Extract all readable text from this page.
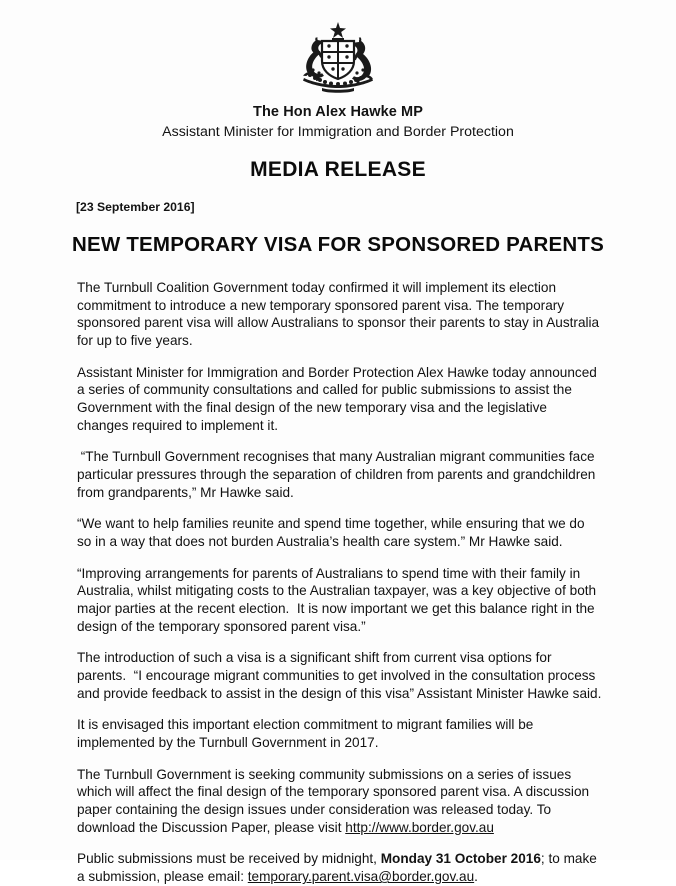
The Hon Alex Hawke MP
Assistant Minister for Immigration and Border Protection
MEDIA RELEASE
[23 September 2016]
NEW TEMPORARY VISA FOR SPONSORED PARENTS

The Turnbull Coalition Government today confirmed it will implement its election commitment to introduce a new temporary sponsored parent visa. The temporary sponsored parent visa will allow Australians to sponsor their parents to stay in Australia for up to five years.

Assistant Minister for Immigration and Border Protection Alex Hawke today announced a series of community consultations and called for public submissions to assist the Government with the final design of the new temporary visa and the legislative changes required to implement it.

“The Turnbull Government recognises that many Australian migrant communities face particular pressures through the separation of children from parents and grandchildren from grandparents,” Mr Hawke said.

“We want to help families reunite and spend time together, while ensuring that we do so in a way that does not burden Australia’s health care system.” Mr Hawke said.

“Improving arrangements for parents of Australians to spend time with their family in Australia, whilst mitigating costs to the Australian taxpayer, was a key objective of both major parties at the recent election.  It is now important we get this balance right in the design of the temporary sponsored parent visa.”

The introduction of such a visa is a significant shift from current visa options for parents.  “I encourage migrant communities to get involved in the consultation process and provide feedback to assist in the design of this visa” Assistant Minister Hawke said.

It is envisaged this important election commitment to migrant families will be implemented by the Turnbull Government in 2017.

The Turnbull Government is seeking community submissions on a series of issues which will affect the final design of the temporary sponsored parent visa. A discussion paper containing the design issues under consideration was released today. To download the Discussion Paper, please visit http://www.border.gov.au

Public submissions must be received by midnight, Monday 31 October 2016; to make a submission, please email: temporary.parent.visa@border.gov.au.
